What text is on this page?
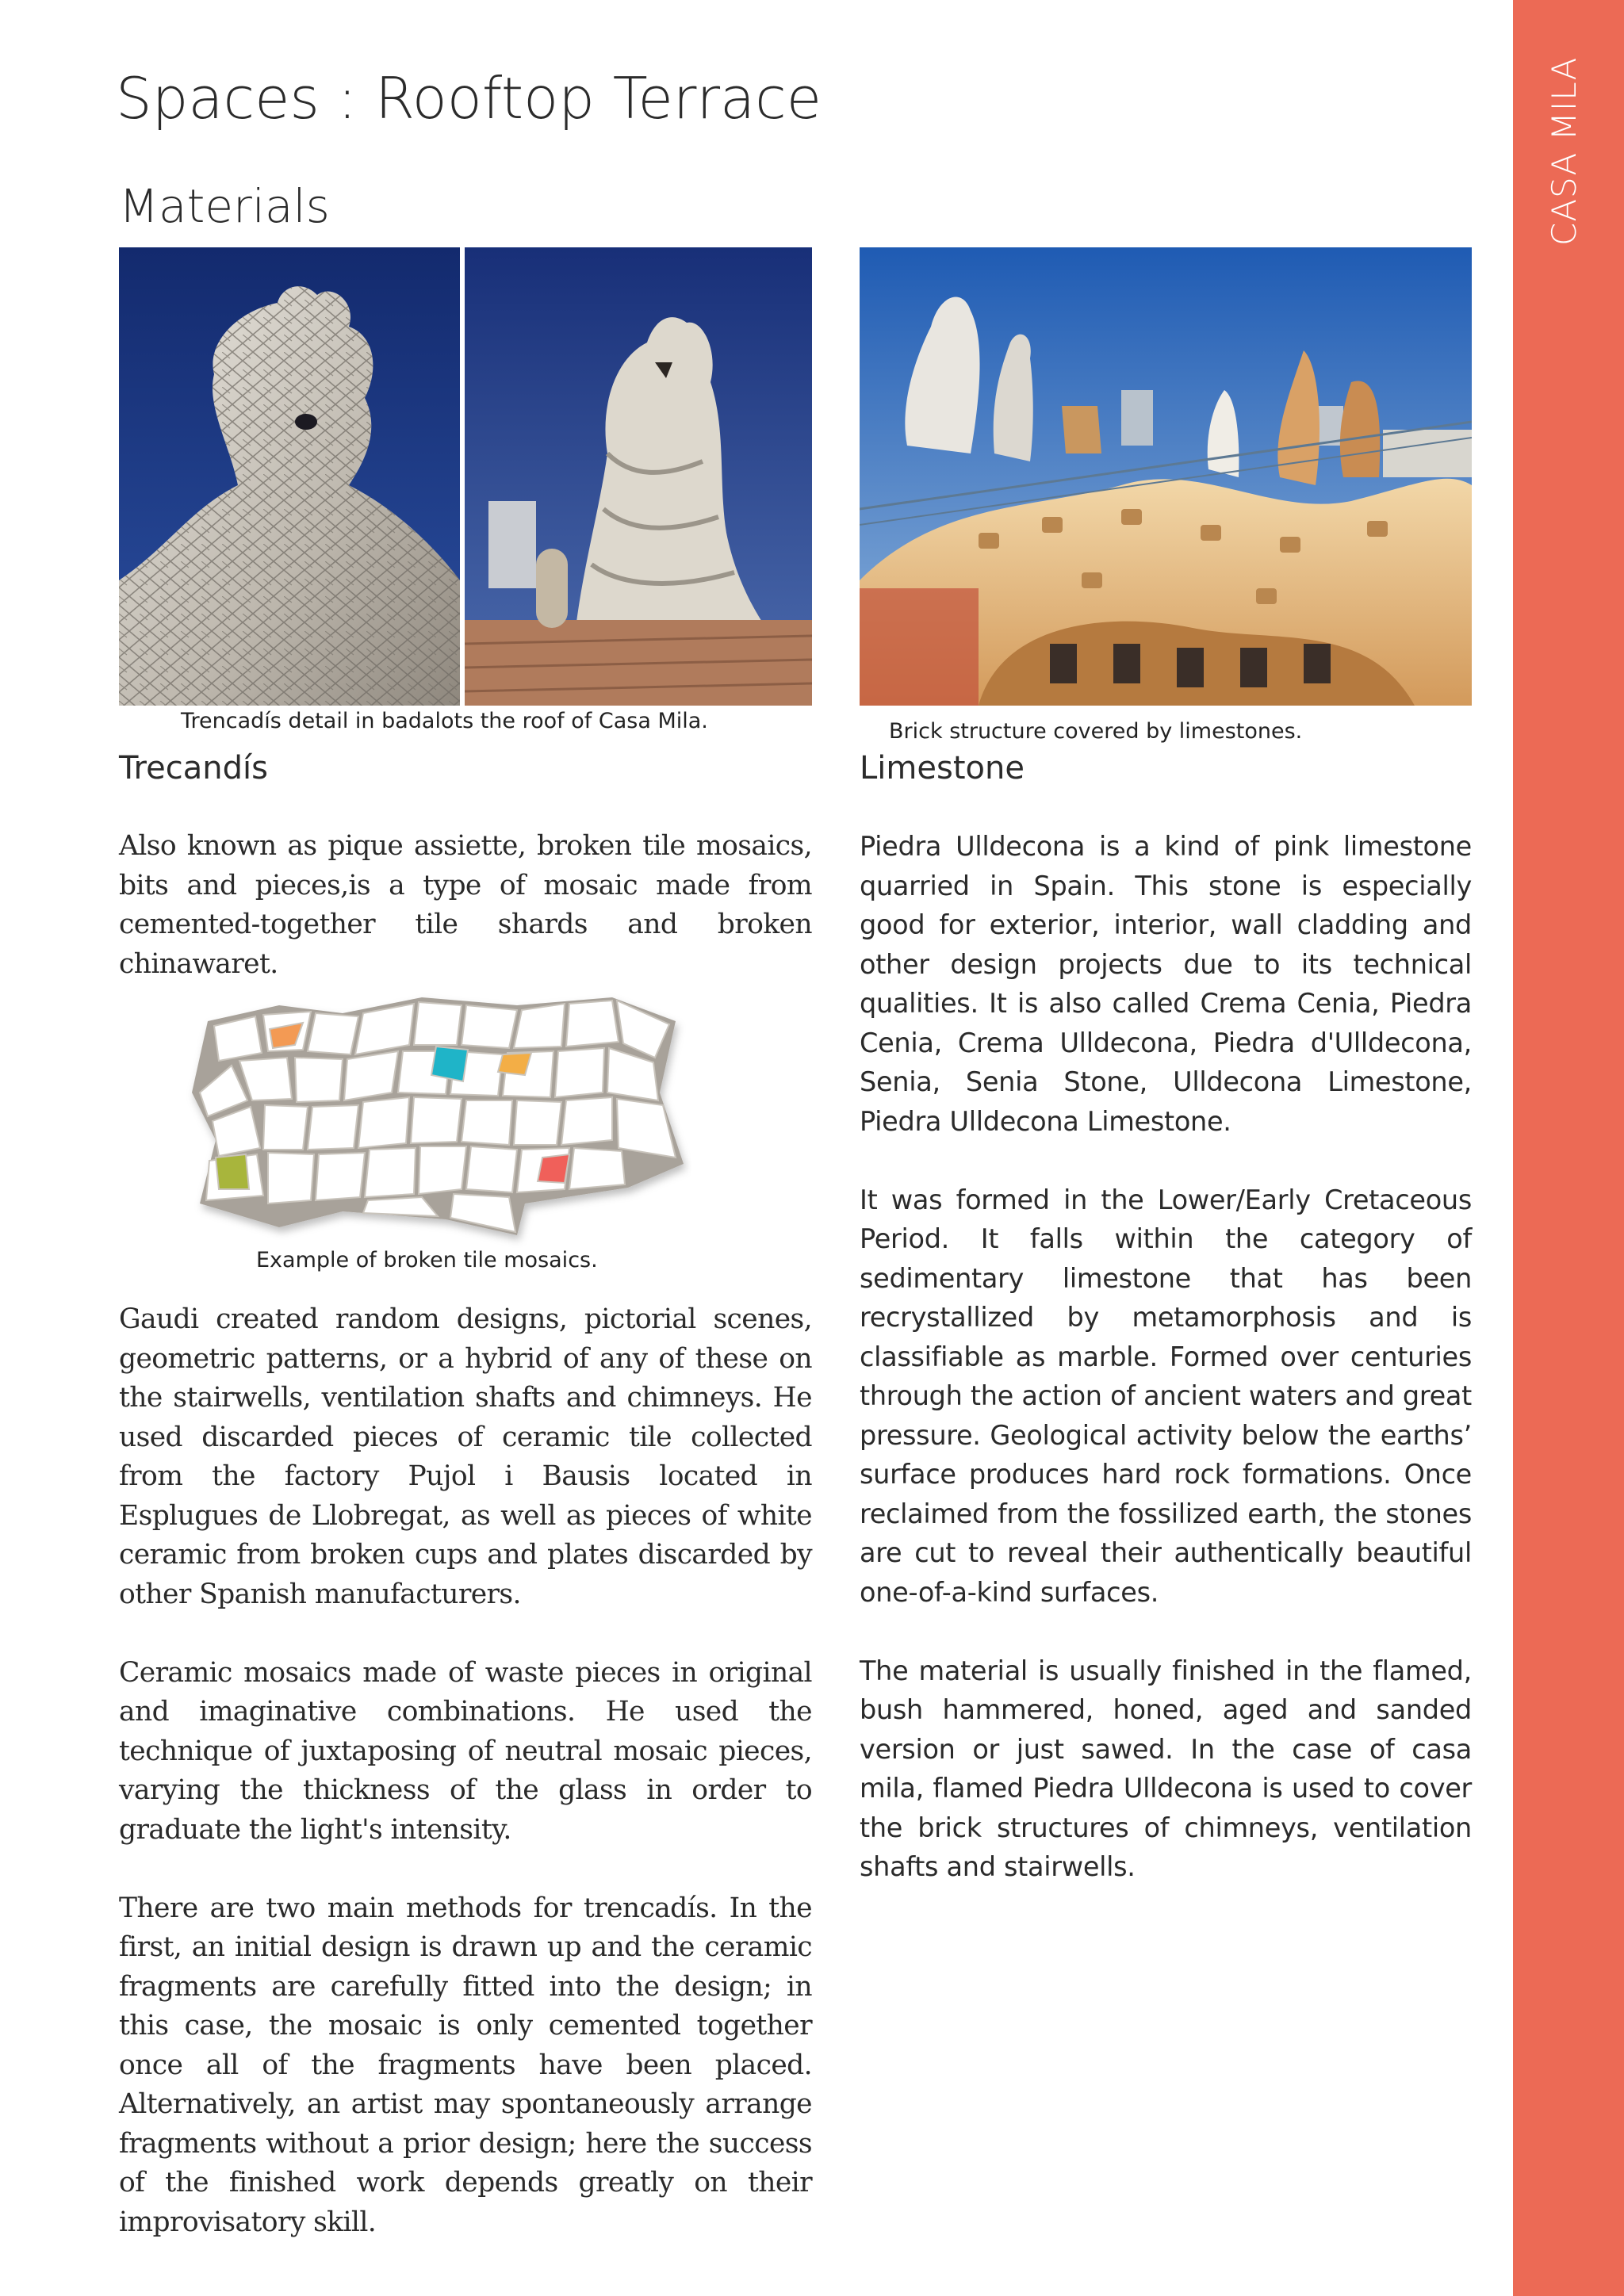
CASA MILA
Spaces : Rooftop Terrace
Materials
Trencadís detail in badalots the roof of Casa Mila.	Brick structure covered by limestones.
Trecandís	Limestone
Also known as pique assiette, broken tile mosaics, bits and pieces,is a type of mosaic made from cemented-together tile shards and broken chinawaret.
Example of broken tile mosaics.

Gaudi created random designs, pictorial scenes, geometric patterns, or a hybrid of any of these on the stairwells, ventilation shafts and chimneys. He used discarded pieces of ceramic tile collected from the factory Pujol i Bausis located in Esplugues de Llobregat, as well as pieces of white ceramic from broken cups and plates discarded by other Spanish manufacturers.

Ceramic mosaics made of waste pieces in original and imaginative combinations. He used the technique of juxtaposing of neutral mosaic pieces, varying the thickness of the glass in order to graduate the light's intensity.

There are two main methods for trencadís. In the first, an initial design is drawn up and the ceramic fragments are carefully fitted into the design; in this case, the mosaic is only cemented together once all of the fragments have been placed. Alternatively, an artist may spontaneously arrange fragments without a prior design; here the success of the finished work depends greatly on their improvisatory skill.

Piedra Ulldecona is a kind of pink limestone quarried in Spain. This stone is especially good for exterior, interior, wall cladding and other design projects due to its technical qualities. It is also called Crema Cenia, Piedra Cenia, Crema Ulldecona, Piedra d'Ulldecona, Senia, Senia Stone, Ulldecona Limestone, Piedra Ulldecona Limestone.

It was formed in the Lower/Early Cretaceous Period. It falls within the category of sedimentary limestone that has been recrystallized by metamorphosis and is classifiable as marble. Formed over centuries through the action of ancient waters and great pressure. Geological activity below the earths’ surface produces hard rock formations. Once reclaimed from the fossilized earth, the stones are cut to reveal their authentically beautiful one-of-a-kind surfaces.

The material is usually finished in the flamed, bush hammered, honed, aged and sanded version or just sawed. In the case of casa mila, flamed Piedra Ulldecona is used to cover the brick structures of chimneys, ventilation shafts and stairwells.
